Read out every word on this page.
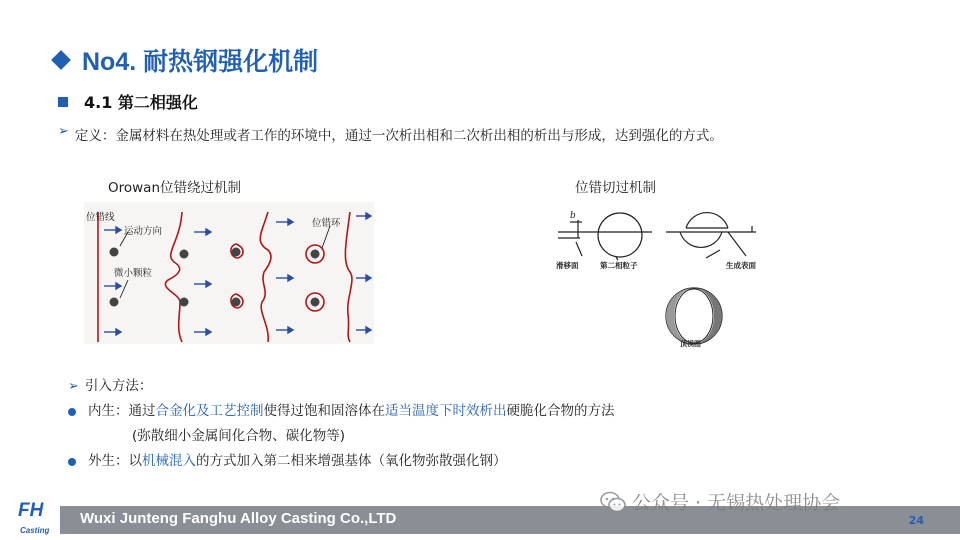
No4. 耐热钢强化机制
4.1 第二相强化
➢ 定义：金属材料在热处理或者工作的环境中，通过一次析出相和二次析出相的析出与形成，达到强化的方式。
Orowan位错绕过机制	位错切过机制
位错线
运动方向
微小颗粒
位错环
b
滑移面	第二相粒子	生成表面
顶视图
➢ 引入方法：
内生：通过合金化及工艺控制使得过饱和固溶体在适当温度下时效析出硬脆化合物的方法
(弥散细小金属间化合物、碳化物等)
外生：以机械混入的方式加入第二相来增强基体（氧化物弥散强化钢）
FH
Casting
Wuxi Junteng Fanghu Alloy Casting Co.,LTD	24
公众号 · 无锡热处理协会
